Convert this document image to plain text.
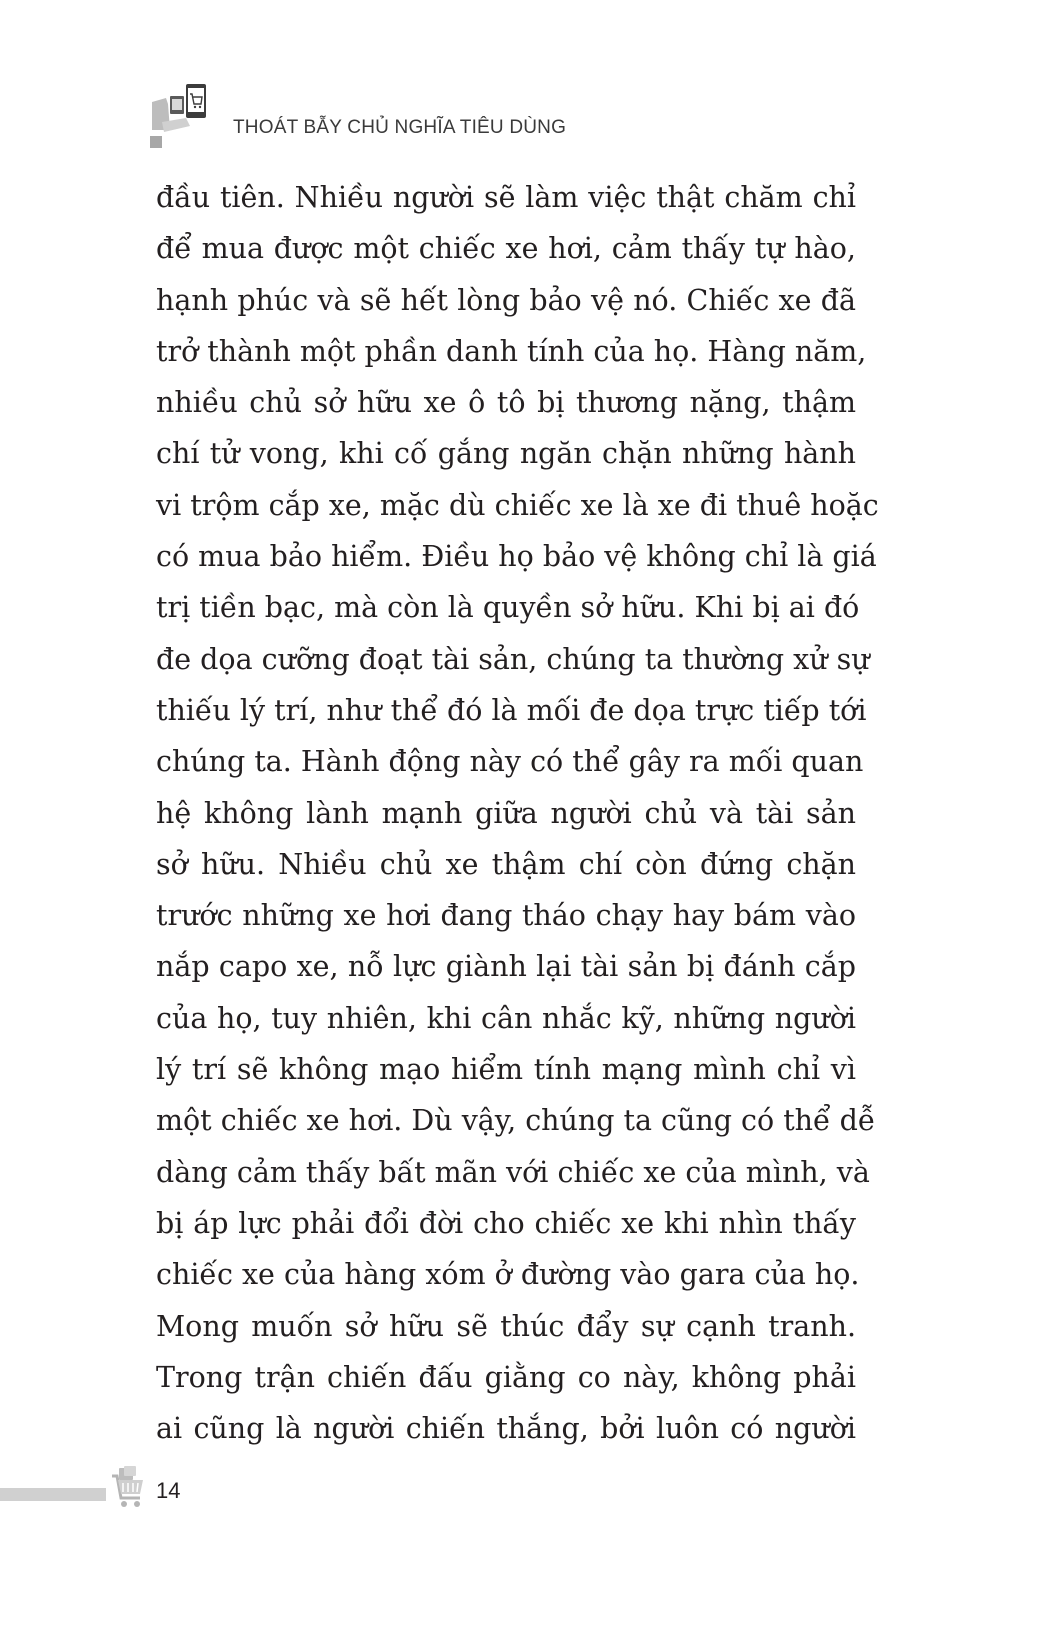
THOÁT BẪY CHỦ NGHĨA TIÊU DÙNG
đầu tiên. Nhiều người sẽ làm việc thật chăm chỉ
để mua được một chiếc xe hơi, cảm thấy tự hào,
hạnh phúc và sẽ hết lòng bảo vệ nó. Chiếc xe đã
trở thành một phần danh tính của họ. Hàng năm,
nhiều chủ sở hữu xe ô tô bị thương nặng, thậm
chí tử vong, khi cố gắng ngăn chặn những hành
vi trộm cắp xe, mặc dù chiếc xe là xe đi thuê hoặc
có mua bảo hiểm. Điều họ bảo vệ không chỉ là giá
trị tiền bạc, mà còn là quyền sở hữu. Khi bị ai đó
đe dọa cưỡng đoạt tài sản, chúng ta thường xử sự
thiếu lý trí, như thể đó là mối đe dọa trực tiếp tới
chúng ta. Hành động này có thể gây ra mối quan
hệ không lành mạnh giữa người chủ và tài sản
sở hữu. Nhiều chủ xe thậm chí còn đứng chặn
trước những xe hơi đang tháo chạy hay bám vào
nắp capo xe, nỗ lực giành lại tài sản bị đánh cắp
của họ, tuy nhiên, khi cân nhắc kỹ, những người
lý trí sẽ không mạo hiểm tính mạng mình chỉ vì
một chiếc xe hơi. Dù vậy, chúng ta cũng có thể dễ
dàng cảm thấy bất mãn với chiếc xe của mình, và
bị áp lực phải đổi đời cho chiếc xe khi nhìn thấy
chiếc xe của hàng xóm ở đường vào gara của họ.
Mong muốn sở hữu sẽ thúc đẩy sự cạnh tranh.
Trong trận chiến đấu giằng co này, không phải
ai cũng là người chiến thắng, bởi luôn có người
14
